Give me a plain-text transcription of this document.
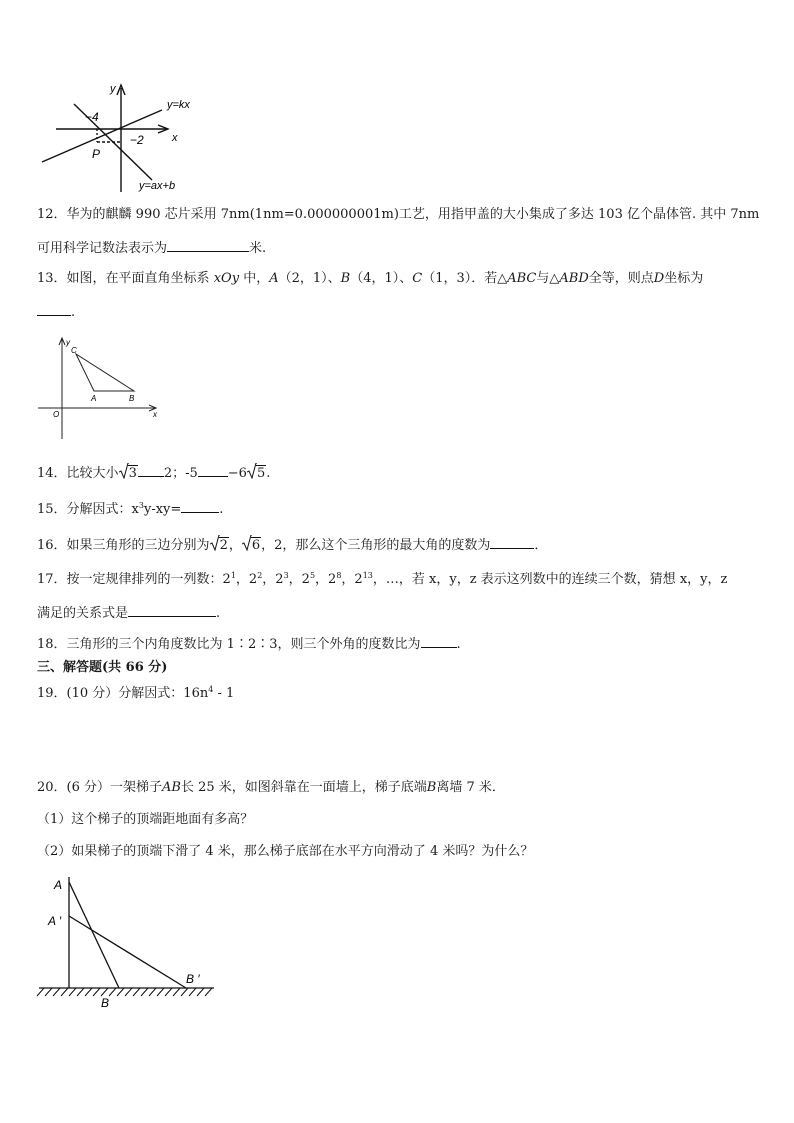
y
x
y=kx
y=ax+b
−4
−2
P
12．华为的麒麟 990 芯片采用 7nm(1nm=0.000000001m)工艺，用指甲盖的大小集成了多达 103 亿个晶体管. 其中 7nm
可用科学记数法表示为	米.
13．如图，在平面直角坐标系 xOy 中，A（2，1）、B（4，1）、C（1，3）．若△ABC与△ABD全等，则点D坐标为
.
y
x
O
A	B
C
14．比较大小 3 2；-5 −6 5.
15．分解因式：$x^3y-xy=$	.
16．如果三角形的三边分别为 2， 6，2，那么这个三角形的最大角的度数为	．
17．按一定规律排列的一列数：$2^1$，$2^2$，$2^3$，$2^5$，$2^8$，$2^{13}$，…，若 x，y，z 表示这列数中的连续三个数，猜想 x，y，z
满足的关系式是	.
18．三角形的三个内角度数比为 1∶2∶3，则三个外角的度数比为	.
三、解答题(共 66 分)
19．(10 分）分解因式：$16n^4 - 1$
20．(6 分）一架梯子AB长 25 米，如图斜靠在一面墙上，梯子底端B离墙 7 米．
（1）这个梯子的顶端距地面有多高？
（2）如果梯子的顶端下滑了 4 米，那么梯子底部在水平方向滑动了 4 米吗？为什么？
A
A ′
B
B ′
